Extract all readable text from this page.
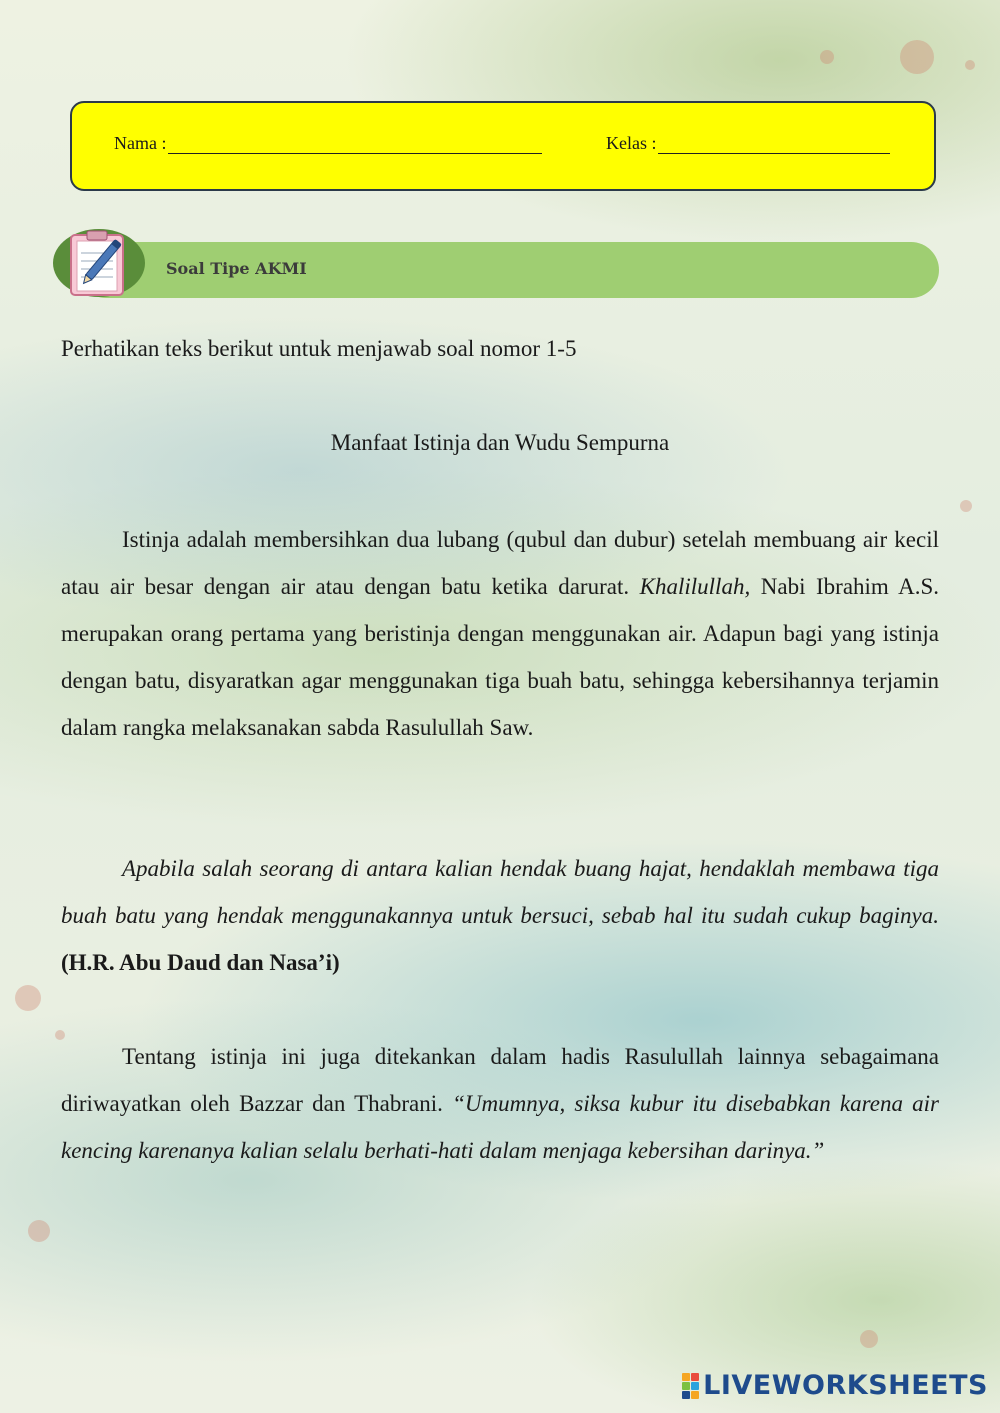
Nama :	Kelas :
Soal Tipe AKMI

Perhatikan teks berikut untuk menjawab soal nomor 1-5

Manfaat Istinja dan Wudu Sempurna

Istinja adalah membersihkan dua lubang (qubul dan dubur) setelah membuang air kecil atau air besar dengan air atau dengan batu ketika darurat. Khalilullah, Nabi Ibrahim A.S. merupakan orang pertama yang beristinja dengan menggunakan air. Adapun bagi yang istinja dengan batu, disyaratkan agar menggunakan tiga buah batu, sehingga kebersihannya terjamin dalam rangka melaksanakan sabda Rasulullah Saw.

Apabila salah seorang di antara kalian hendak buang hajat, hendaklah membawa tiga buah batu yang hendak menggunakannya untuk bersuci, sebab hal itu sudah cukup baginya. (H.R. Abu Daud dan Nasa’i)

Tentang istinja ini juga ditekankan dalam hadis Rasulullah lainnya sebagaimana diriwayatkan oleh Bazzar dan Thabrani. “Umumnya, siksa kubur itu disebabkan karena air kencing karenanya kalian selalu berhati-hati dalam menjaga kebersihan darinya.”

LIVEWORKSHEETS
